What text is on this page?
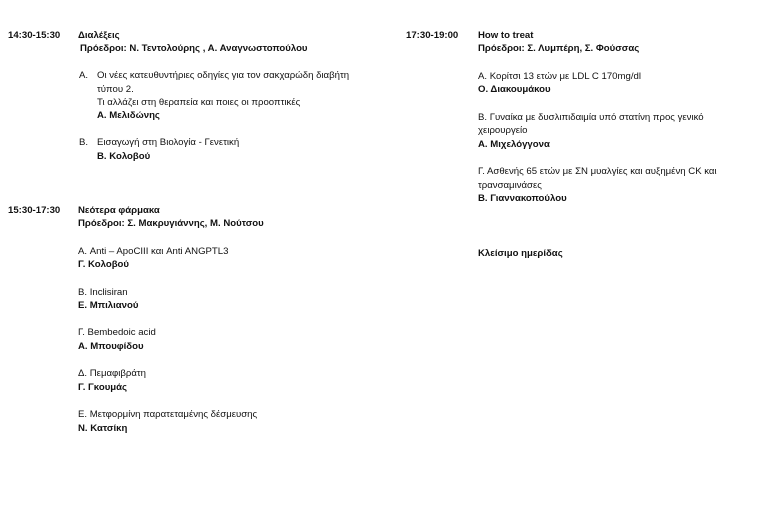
14:30-15:30 Διαλέξεις
Πρόεδροι: Ν. Τεντολούρης , Α. Αναγνωστοπούλου
Α. Οι νέες κατευθυντήριες οδηγίες για τον σακχαρώδη διαβήτη
τύπου 2.
Τι αλλάζει στη θεραπεία και ποιες οι προοπτικές
Α. Μελιδώνης
Β. Εισαγωγή στη Βιολογία - Γενετική
Β. Κολοβού
15:30-17:30 Νεότερα φάρμακα
Πρόεδροι: Σ. Μακρυγιάννης, Μ. Νούτσου
Α. Anti – ApoCIII και Anti ANGPTL3
Γ. Κολοβού
Β. Inclisiran
Ε. Μπιλιανού
Γ. Bembedoic acid
Α. Μπουφίδου
Δ. Πεμαφιβράτη
Γ. Γκουμάς
Ε. Μετφορμίνη παρατεταμένης δέσμευσης
Ν. Κατσίκη
17:30-19:00 How to treat
Πρόεδροι: Σ. Λυμπέρη, Σ. Φούσσας
Α. Κορίτσι 13 ετών με LDL C 170mg/dl
Ο. Διακουμάκου
Β. Γυναίκα με δυσλιπιδαιμία υπό στατίνη προς γενικό
χειρουργείο
Α. Μιχελόγγονα
Γ. Ασθενής 65 ετών με ΣΝ μυαλγίες και αυξημένη CK και
τρανσαμινάσες
Β. Γιαννακοπούλου
Κλείσιμο ημερίδας
